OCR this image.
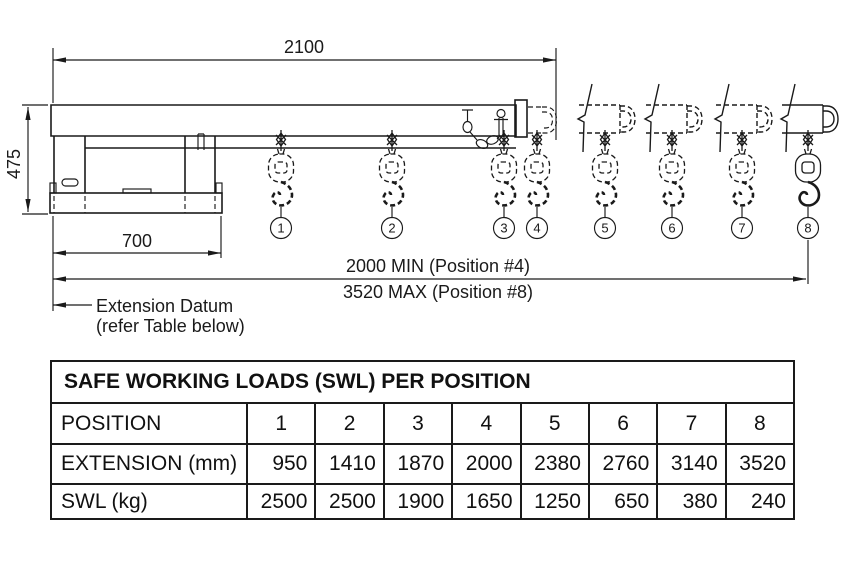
1	2	3 4	5	6	7	8
2100
475
700
2000 MIN (Position #4)
3520 MAX (Position #8)
Extension Datum
(refer Table below)
SAFE WORKING LOADS (SWL) PER POSITION								
POSITION	1	2	3	4	5	6	7	8
EXTENSION (mm)	950	1410	1870	2000	2380	2760	3140	3520
SWL (kg)	2500	2500	1900	1650	1250	650	380	240
